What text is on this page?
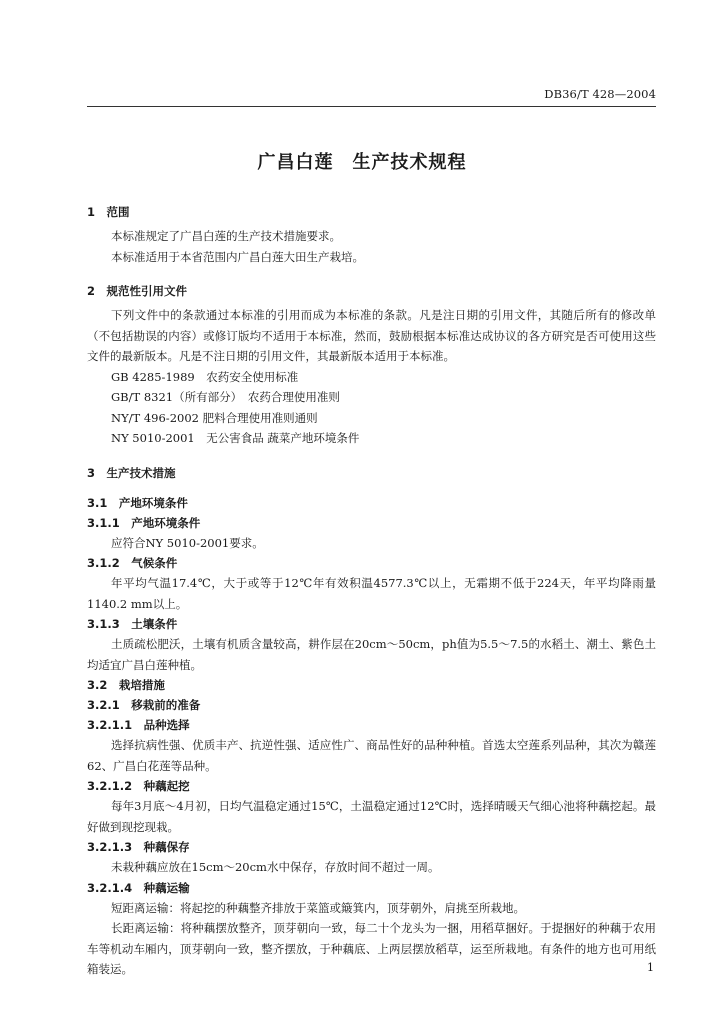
DB36/T 428—2004
广昌白莲　生产技术规程
1　范围

本标准规定了广昌白莲的生产技术措施要求。

本标准适用于本省范围内广昌白莲大田生产栽培。

2　规范性引用文件

下列文件中的条款通过本标准的引用而成为本标准的条款。凡是注日期的引用文件，其随后所有的修改单（不包括勘误的内容）或修订版均不适用于本标准，然而，鼓励根据本标准达成协议的各方研究是否可使用这些文件的最新版本。凡是不注日期的引用文件，其最新版本适用于本标准。

GB 4285-1989　农药安全使用标准
GB/T 8321（所有部分）　农药合理使用准则
NY/T 496-2002 肥料合理使用准则通则
NY 5010-2001　无公害食品 蔬菜产地环境条件
3　生产技术措施
3.1　产地环境条件
3.1.1　产地环境条件

应符合NY 5010-2001要求。

3.1.2　气候条件

年平均气温17.4℃，大于或等于12℃年有效积温4577.3℃以上，无霜期不低于224天，年平均降雨量1140.2 mm以上。

3.1.3　土壤条件

土质疏松肥沃，土壤有机质含量较高，耕作层在20cm～50cm，ph值为5.5～7.5的水稻土、潮土、紫色土均适宜广昌白莲种植。

3.2　栽培措施
3.2.1　移栽前的准备
3.2.1.1　品种选择

选择抗病性强、优质丰产、抗逆性强、适应性广、商品性好的品种种植。首选太空莲系列品种，其次为赣莲62、广昌白花莲等品种。

3.2.1.2　种藕起挖

每年3月底～4月初，日均气温稳定通过15℃，土温稳定通过12℃时，选择晴暖天气细心池将种藕挖起。最好做到现挖现栽。

3.2.1.3　种藕保存

未栽种藕应放在15cm～20cm水中保存，存放时间不超过一周。

3.2.1.4　种藕运输

短距离运输：将起挖的种藕整齐排放于菜篮或簸箕内，顶芽朝外，肩挑至所栽地。

长距离运输：将种藕摆放整齐，顶芽朝向一致，每二十个龙头为一捆，用稻草捆好。于提捆好的种藕于农用车等机动车厢内，顶芽朝向一致，整齐摆放，于种藕底、上两层摆放稻草，运至所栽地。有条件的地方也可用纸箱装运。	1
